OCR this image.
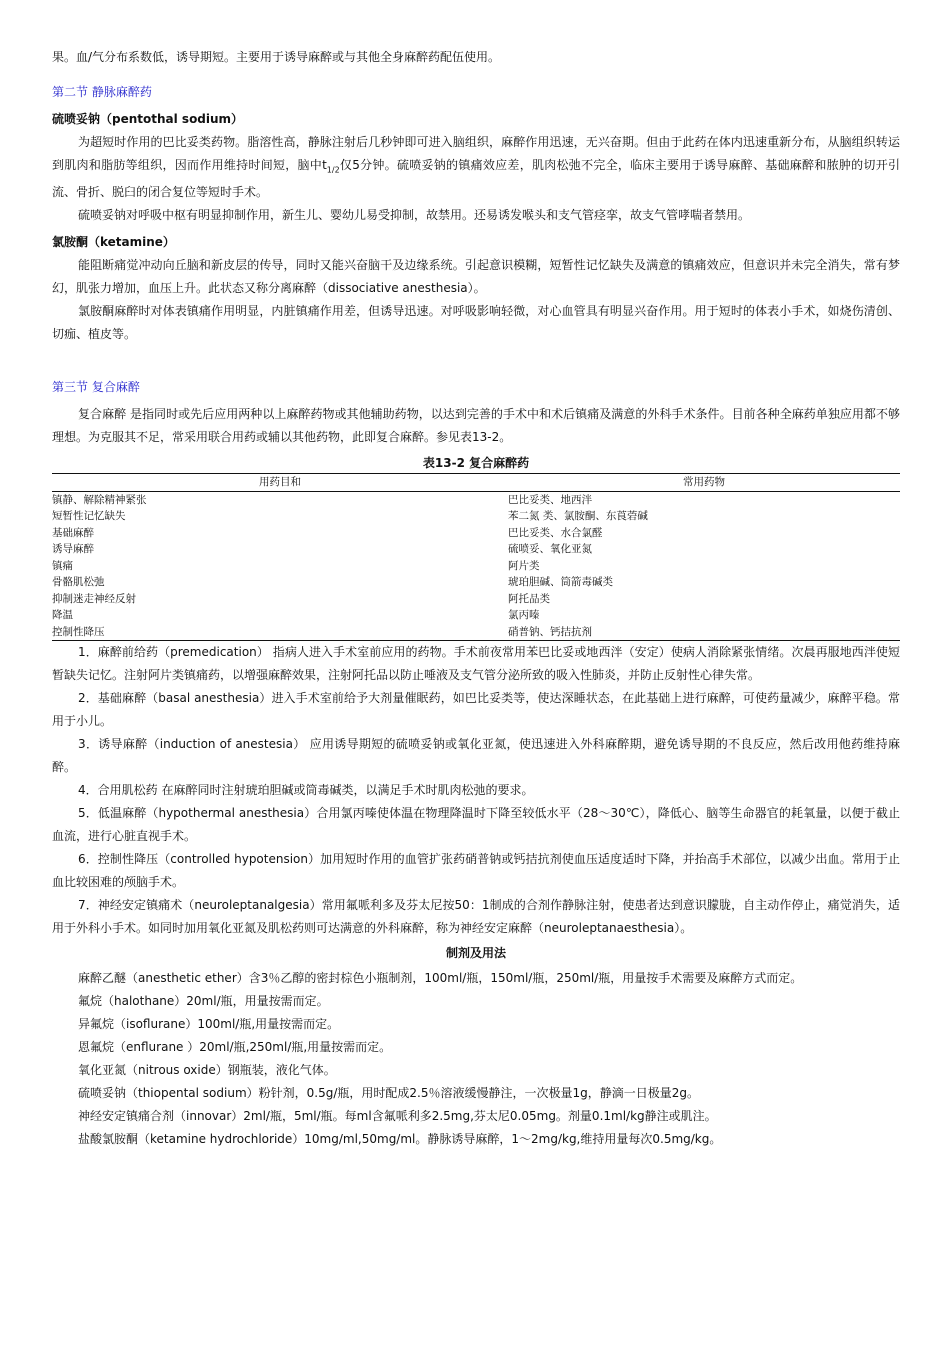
果。血/气分布系数低，诱导期短。主要用于诱导麻醉或与其他全身麻醉药配伍使用。

第二节 静脉麻醉药

硫喷妥钠（pentothal sodium）

为超短时作用的巴比妥类药物。脂溶性高，静脉注射后几秒钟即可进入脑组织，麻醉作用迅速，无兴奋期。但由于此药在体内迅速重新分布，从脑组织转运到肌肉和脂肪等组织，因而作用维持时间短，脑中$t_{1/2}$仅5分钟。硫喷妥钠的镇痛效应差，肌肉松弛不完全，临床主要用于诱导麻醉、基础麻醉和脓肿的切开引流、骨折、脱臼的闭合复位等短时手术。

硫喷妥钠对呼吸中枢有明显抑制作用，新生儿、婴幼儿易受抑制，故禁用。还易诱发喉头和支气管痉挛，故支气管哮喘者禁用。

氯胺酮（ketamine）

能阻断痛觉冲动向丘脑和新皮层的传导，同时又能兴奋脑干及边缘系统。引起意识模糊，短暂性记忆缺失及满意的镇痛效应，但意识并未完全消失，常有梦幻，肌张力增加，血压上升。此状态又称分离麻醉（dissociative anesthesia）。

氯胺酮麻醉时对体表镇痛作用明显，内脏镇痛作用差，但诱导迅速。对呼吸影响轻微，对心血管具有明显兴奋作用。用于短时的体表小手术，如烧伤清创、切痂、植皮等。

第三节 复合麻醉

复合麻醉 是指同时或先后应用两种以上麻醉药物或其他辅助药物，以达到完善的手术中和术后镇痛及满意的外科手术条件。目前各种全麻药单独应用都不够理想。为克服其不足，常采用联合用药或辅以其他药物，此即复合麻醉。参见表13-2。

表13-2 复合麻醉药

用药目和	常用药物
镇静、解除精神紧张	巴比妥类、地西泮
短暂性记忆缺失	苯二氮 类、氯胺酮、东莨菪碱
基础麻醉	巴比妥类、水合氯醛
诱导麻醉	硫喷妥、氧化亚氮
镇痛	阿片类
骨骼肌松弛	琥珀胆碱、筒箭毒碱类
抑制迷走神经反射	阿托品类
降温	氯丙嗪
控制性降压	硝普钠、钙拮抗剂

1．麻醉前给药（premedication） 指病人进入手术室前应用的药物。手术前夜常用苯巴比妥或地西泮（安定）使病人消除紧张情绪。次晨再服地西泮使短暂缺失记忆。注射阿片类镇痛药，以增强麻醉效果，注射阿托品以防止唾液及支气管分泌所致的吸入性肺炎，并防止反射性心律失常。

2．基础麻醉（basal anesthesia）进入手术室前给予大剂量催眠药，如巴比妥类等，使达深睡状态，在此基础上进行麻醉，可使药量减少，麻醉平稳。常用于小儿。

3．诱导麻醉（induction of anestesia） 应用诱导期短的硫喷妥钠或氧化亚氮，使迅速进入外科麻醉期，避免诱导期的不良反应，然后改用他药维持麻醉。

4．合用肌松药 在麻醉同时注射琥珀胆碱或筒毒碱类，以满足手术时肌肉松弛的要求。

5．低温麻醉（hypothermal anesthesia）合用氯丙嗪使体温在物理降温时下降至较低水平（28～30℃），降低心、脑等生命器官的耗氧量，以便于截止血流，进行心脏直视手术。

6．控制性降压（controlled hypotension）加用短时作用的血管扩张药硝普钠或钙拮抗剂使血压适度适时下降，并抬高手术部位，以减少出血。常用于止血比较困难的颅脑手术。

7．神经安定镇痛术（neuroleptanalgesia）常用氟哌利多及芬太尼按50：1制成的合剂作静脉注射，使患者达到意识朦胧，自主动作停止，痛觉消失，适用于外科小手术。如同时加用氧化亚氮及肌松药则可达满意的外科麻醉，称为神经安定麻醉（neuroleptanaesthesia）。

制剂及用法

麻醉乙醚（anesthetic ether）含3％乙醇的密封棕色小瓶制剂，100ml/瓶，150ml/瓶，250ml/瓶，用量按手术需要及麻醉方式而定。

氟烷（halothane）20ml/瓶，用量按需而定。

异氟烷（isoflurane）100ml/瓶,用量按需而定。

恩氟烷（enflurane ）20ml/瓶,250ml/瓶,用量按需而定。

氧化亚氮（nitrous oxide）钢瓶装，液化气体。

硫喷妥钠（thiopental sodium）粉针剂，0.5g/瓶，用时配成2.5％溶液缓慢静注，一次极量1g，静滴一日极量2g。

神经安定镇痛合剂（innovar）2ml/瓶，5ml/瓶。每ml含氟哌利多2.5mg,芬太尼0.05mg。剂量0.1ml/kg静注或肌注。

盐酸氯胺酮（ketamine hydrochloride）10mg/ml,50mg/ml。静脉诱导麻醉，1～2mg/kg,维持用量每次0.5mg/kg。
